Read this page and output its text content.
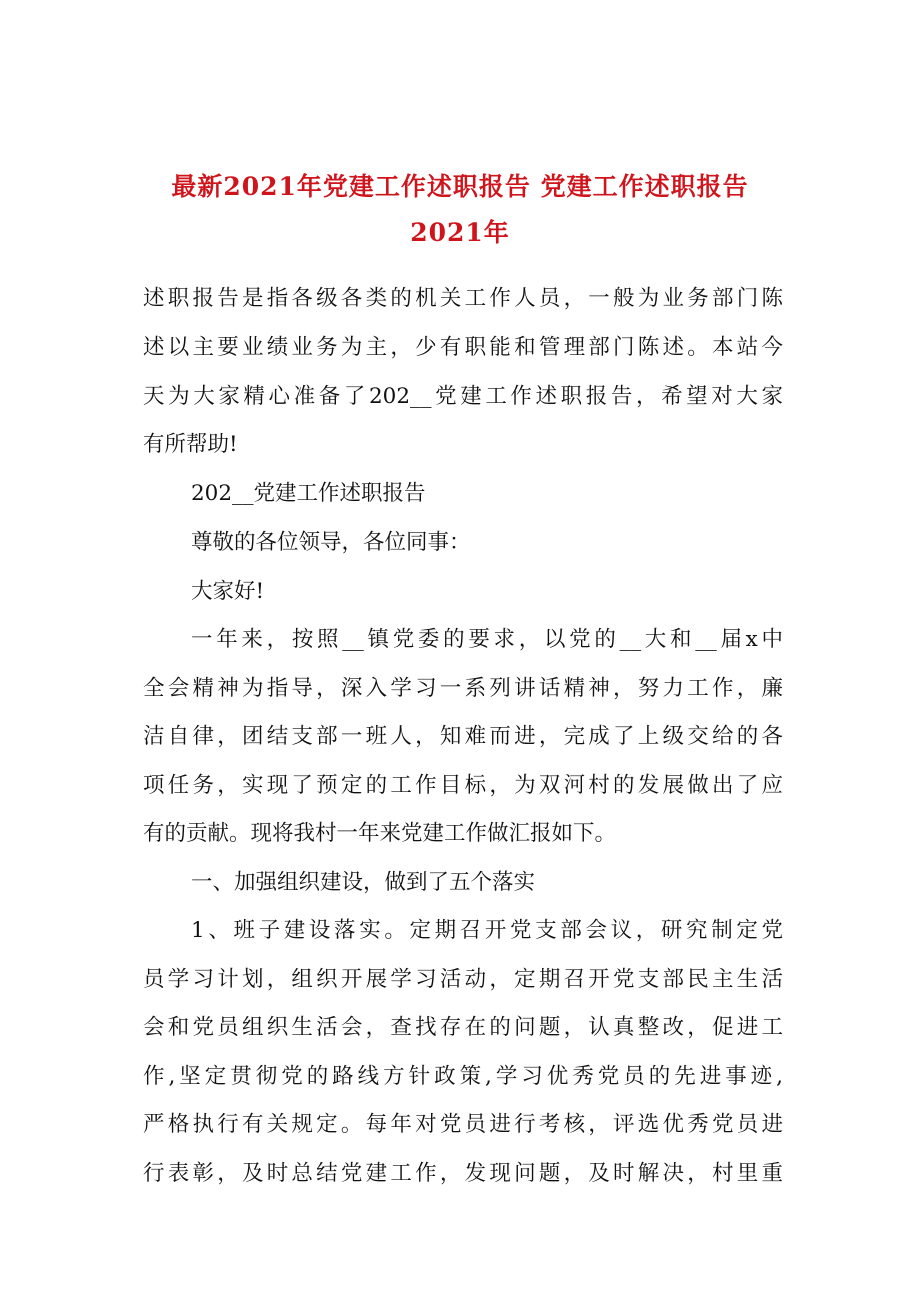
最新2021年党建工作述职报告 党建工作述职报告
2021年
述职报告是指各级各类的机关工作人员，一般为业务部门陈
述以主要业绩业务为主，少有职能和管理部门陈述。本站今
天为大家精心准备了202__党建工作述职报告，希望对大家
有所帮助!
202__党建工作述职报告
尊敬的各位领导，各位同事：
大家好!
一年来，按照__镇党委的要求，以党的__大和__届x中
全会精神为指导，深入学习一系列讲话精神，努力工作，廉
洁自律，团结支部一班人，知难而进，完成了上级交给的各
项任务，实现了预定的工作目标，为双河村的发展做出了应
有的贡献。现将我村一年来党建工作做汇报如下。
一、加强组织建设，做到了五个落实
1、班子建设落实。定期召开党支部会议，研究制定党
员学习计划，组织开展学习活动，定期召开党支部民主生活
会和党员组织生活会，查找存在的问题，认真整改，促进工
作,坚定贯彻党的路线方针政策,学习优秀党员的先进事迹,
严格执行有关规定。每年对党员进行考核，评选优秀党员进
行表彰，及时总结党建工作，发现问题，及时解决，村里重
